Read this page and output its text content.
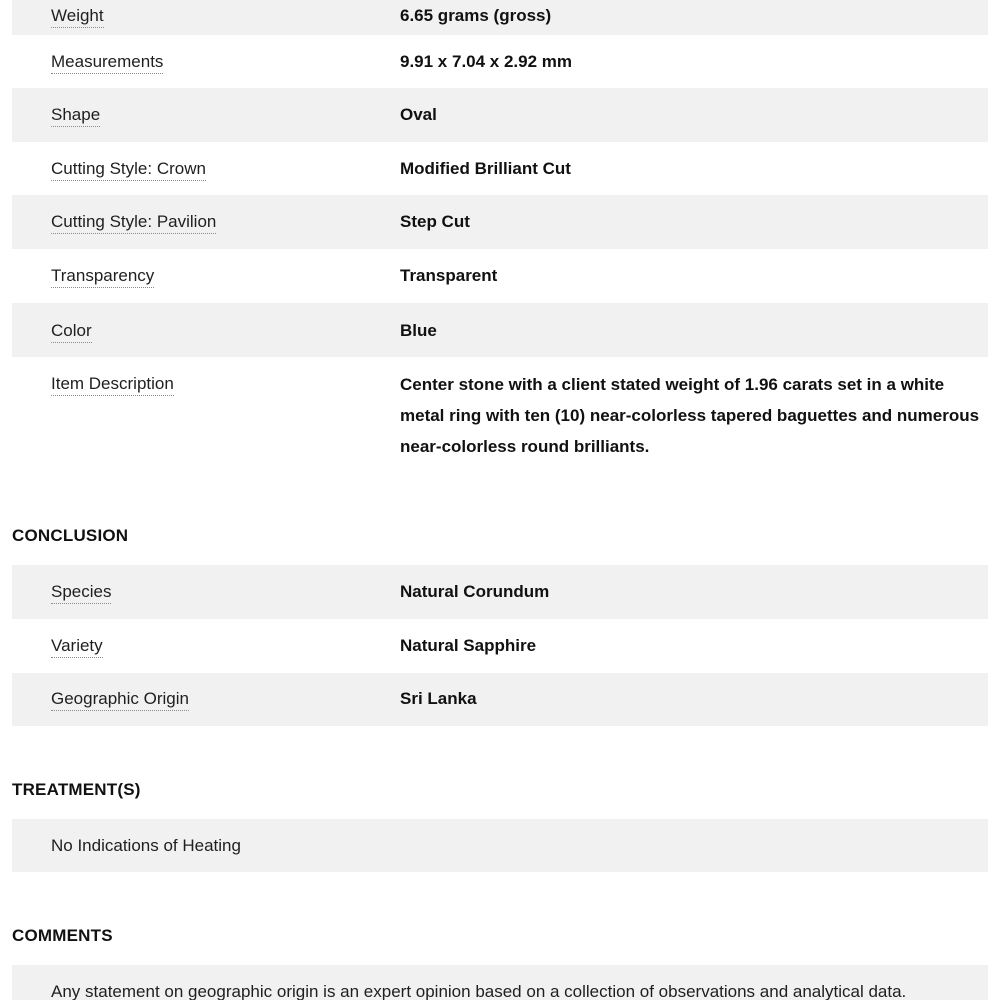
Weight	6.65 grams (gross)
Measurements	9.91 x 7.04 x 2.92 mm
Shape	Oval
Cutting Style: Crown	Modified Brilliant Cut
Cutting Style: Pavilion	Step Cut
Transparency	Transparent
Color	Blue
Item Description	Center stone with a client stated weight of 1.96 carats set in a white metal ring with ten (10) near-colorless tapered baguettes and numerous near-colorless round brilliants.
CONCLUSION
Species	Natural Corundum
Variety	Natural Sapphire
Geographic Origin	Sri Lanka
TREATMENT(S)
No Indications of Heating
COMMENTS
Any statement on geographic origin is an expert opinion based on a collection of observations and analytical data.
